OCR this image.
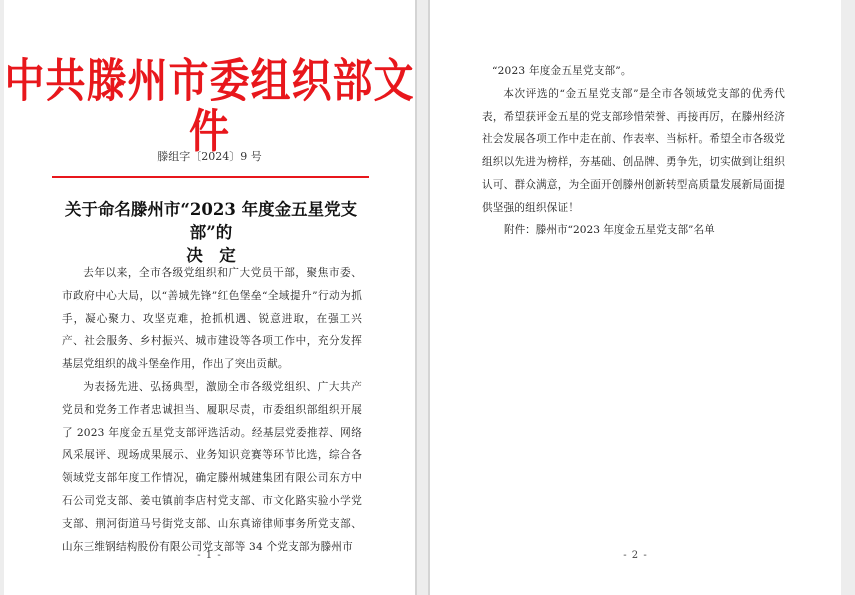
中共滕州市委组织部文件
滕组字〔2024〕9 号
关于命名滕州市“2023 年度金五星党支部”的
决　定

去年以来，全市各级党组织和广大党员干部，聚焦市委、市政府中心大局，以“善城先锋”红色堡垒“全域提升”行动为抓手，凝心聚力、攻坚克难，抢抓机遇、锐意进取，在强工兴产、社会服务、乡村振兴、城市建设等各项工作中，充分发挥基层党组织的战斗堡垒作用，作出了突出贡献。

为表扬先进、弘扬典型，激励全市各级党组织、广大共产党员和党务工作者忠诚担当、履职尽责，市委组织部组织开展了 2023 年度金五星党支部评选活动。经基层党委推荐、网络风采展评、现场成果展示、业务知识竞赛等环节比选，综合各领域党支部年度工作情况，确定滕州城建集团有限公司东方中石公司党支部、姜屯镇前李店村党支部、市文化路实验小学党支部、荆河街道马号街党支部、山东真谛律师事务所党支部、山东三维钢结构股份有限公司党支部等 34 个党支部为滕州市

- 1 -

“2023 年度金五星党支部”。

本次评选的“金五星党支部”是全市各领域党支部的优秀代表，希望获评金五星的党支部珍惜荣誉、再接再厉，在滕州经济社会发展各项工作中走在前、作表率、当标杆。希望全市各级党组织以先进为榜样，夯基础、创品牌、勇争先，切实做到让组织认可、群众满意，为全面开创滕州创新转型高质量发展新局面提供坚强的组织保证！

附件：滕州市“2023 年度金五星党支部”名单
- 2 -
